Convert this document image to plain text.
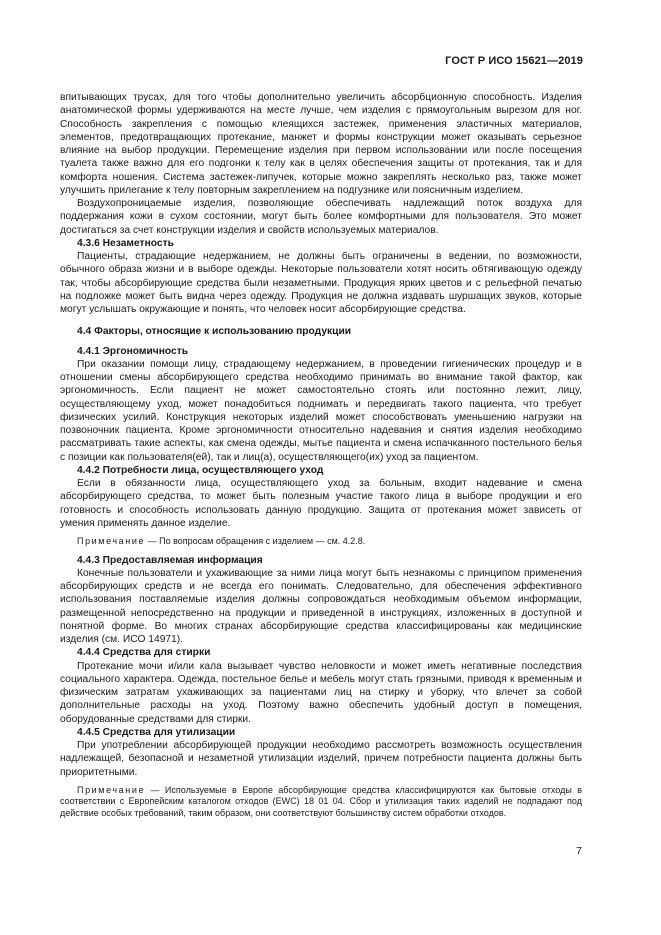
ГОСТ Р ИСО 15621—2019

впитывающих трусах, для того чтобы дополнительно увеличить абсорбционную способность. Изделия анатомической формы удерживаются на месте лучше, чем изделия с прямоугольным вырезом для ног. Способность закрепления с помощью клеящихся застежек, применения эластичных материалов, элементов, предотвращающих протекание, манжет и формы конструкции может оказывать серьезное влияние на выбор продукции. Перемещение изделия при первом использовании или после посещения туалета также важно для его подгонки к телу как в целях обеспечения защиты от протекания, так и для комфорта ношения. Система застежек-липучек, которые можно закреплять несколько раз, также может улучшить прилегание к телу повторным закреплением на подгузнике или поясничным изделием.

Воздухопроницаемые изделия, позволяющие обеспечивать надлежащий поток воздуха для поддержания кожи в сухом состоянии, могут быть более комфортными для пользователя. Это может достигаться за счет конструкции изделия и свойств используемых материалов.

4.3.6 Незаметность

Пациенты, страдающие недержанием, не должны быть ограничены в ведении, по возможности, обычного образа жизни и в выборе одежды. Некоторые пользователи хотят носить обтягивающую одежду так, чтобы абсорбирующие средства были незаметными. Продукция ярких цветов и с рельефной печатью на подложке может быть видна через одежду. Продукция не должна издавать шуршащих звуков, которые могут услышать окружающие и понять, что человек носит абсорбирующие средства.

4.4 Факторы, относящие к использованию продукции

4.4.1 Эргономичность

При оказании помощи лицу, страдающему недержанием, в проведении гигиенических процедур и в отношении смены абсорбирующего средства необходимо принимать во внимание такой фактор, как эргономичность. Если пациент не может самостоятельно стоять или постоянно лежит, лицу, осуществляющему уход, может понадобиться поднимать и передвигать такого пациента, что требует физических усилий. Конструкция некоторых изделий может способствовать уменьшению нагрузки на позвоночник пациента. Кроме эргономичности относительно надевания и снятия изделия необходимо рассматривать такие аспекты, как смена одежды, мытье пациента и смена испачканного постельного белья с позиции как пользователя(ей), так и лиц(а), осуществляющего(их) уход за пациентом.

4.4.2 Потребности лица, осуществляющего уход

Если в обязанности лица, осуществляющего уход за больным, входит надевание и смена абсорбирующего средства, то может быть полезным участие такого лица в выборе продукции и его готовность и способность использовать данную продукцию. Защита от протекания может зависеть от умения применять данное изделие.

Примечание — По вопросам обращения с изделием — см. 4.2.8.

4.4.3 Предоставляемая информация

Конечные пользователи и ухаживающие за ними лица могут быть незнакомы с принципом применения абсорбирующих средств и не всегда его понимать. Следовательно, для обеспечения эффективного использования поставляемые изделия должны сопровождаться необходимым объемом информации, размещенной непосредственно на продукции и приведенной в инструкциях, изложенных в доступной и понятной форме. Во многих странах абсорбирующие средства классифицированы как медицинские изделия (см. ИСО 14971).

4.4.4 Средства для стирки

Протекание мочи и/или кала вызывает чувство неловкости и может иметь негативные последствия социального характера. Одежда, постельное белье и мебель могут стать грязными, приводя к временным и физическим затратам ухаживающих за пациентами лиц на стирку и уборку, что влечет за собой дополнительные расходы на уход. Поэтому важно обеспечить удобный доступ в помещения, оборудованные средствами для стирки.

4.4.5 Средства для утилизации

При употреблении абсорбирующей продукции необходимо рассмотреть возможность осуществления надлежащей, безопасной и незаметной утилизации изделий, причем потребности пациента должны быть приоритетными.

Примечание — Используемые в Европе абсорбирующие средства классифицируются как бытовые отходы в соответствии с Европейским каталогом отходов (EWC) 18 01 04. Сбор и утилизация таких изделий не подпадают под действие особых требований, таким образом, они соответствуют большинству систем обработки отходов.

7
